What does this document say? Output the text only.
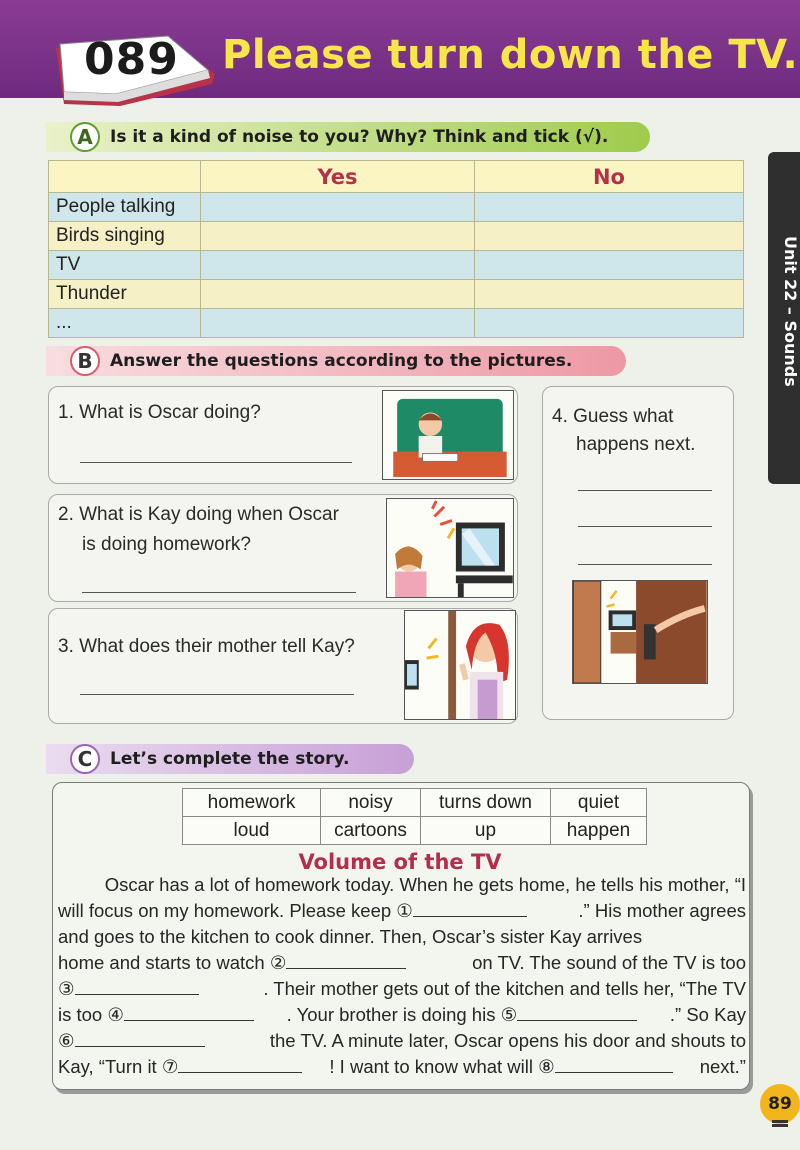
089 Please turn down the TV.
Unit 22 – Sounds
A	Is it a kind of noise to you? Why? Think and tick (√).
	Yes	No
People talking		
Birds singing		
TV		
Thunder		
...		
B	Answer the questions according to the pictures.
1. What is Oscar doing?
2. What is Kay doing when Oscar
is doing homework?
3. What does their mother tell Kay?
4. Guess what
happens next.
C	Let’s complete the story.
homework	noisy	turns down	quiet
loud	cartoons	up	happen
Volume of the TV
Oscar has a lot of homework today. When he gets home, he tells his mother, “I
will focus on my homework. Please keep ①	.” His mother agrees
and goes to the kitchen to cook dinner. Then, Oscar’s sister Kay arrives
home and starts to watch ②	on TV. The sound of the TV is too
③	. Their mother gets out of the kitchen and tells her, “The TV
is too ④	. Your brother is doing his ⑤	.” So Kay
⑥	the TV. A minute later, Oscar opens his door and shouts to
Kay, “Turn it ⑦	! I want to know what will ⑧	next.”
89
